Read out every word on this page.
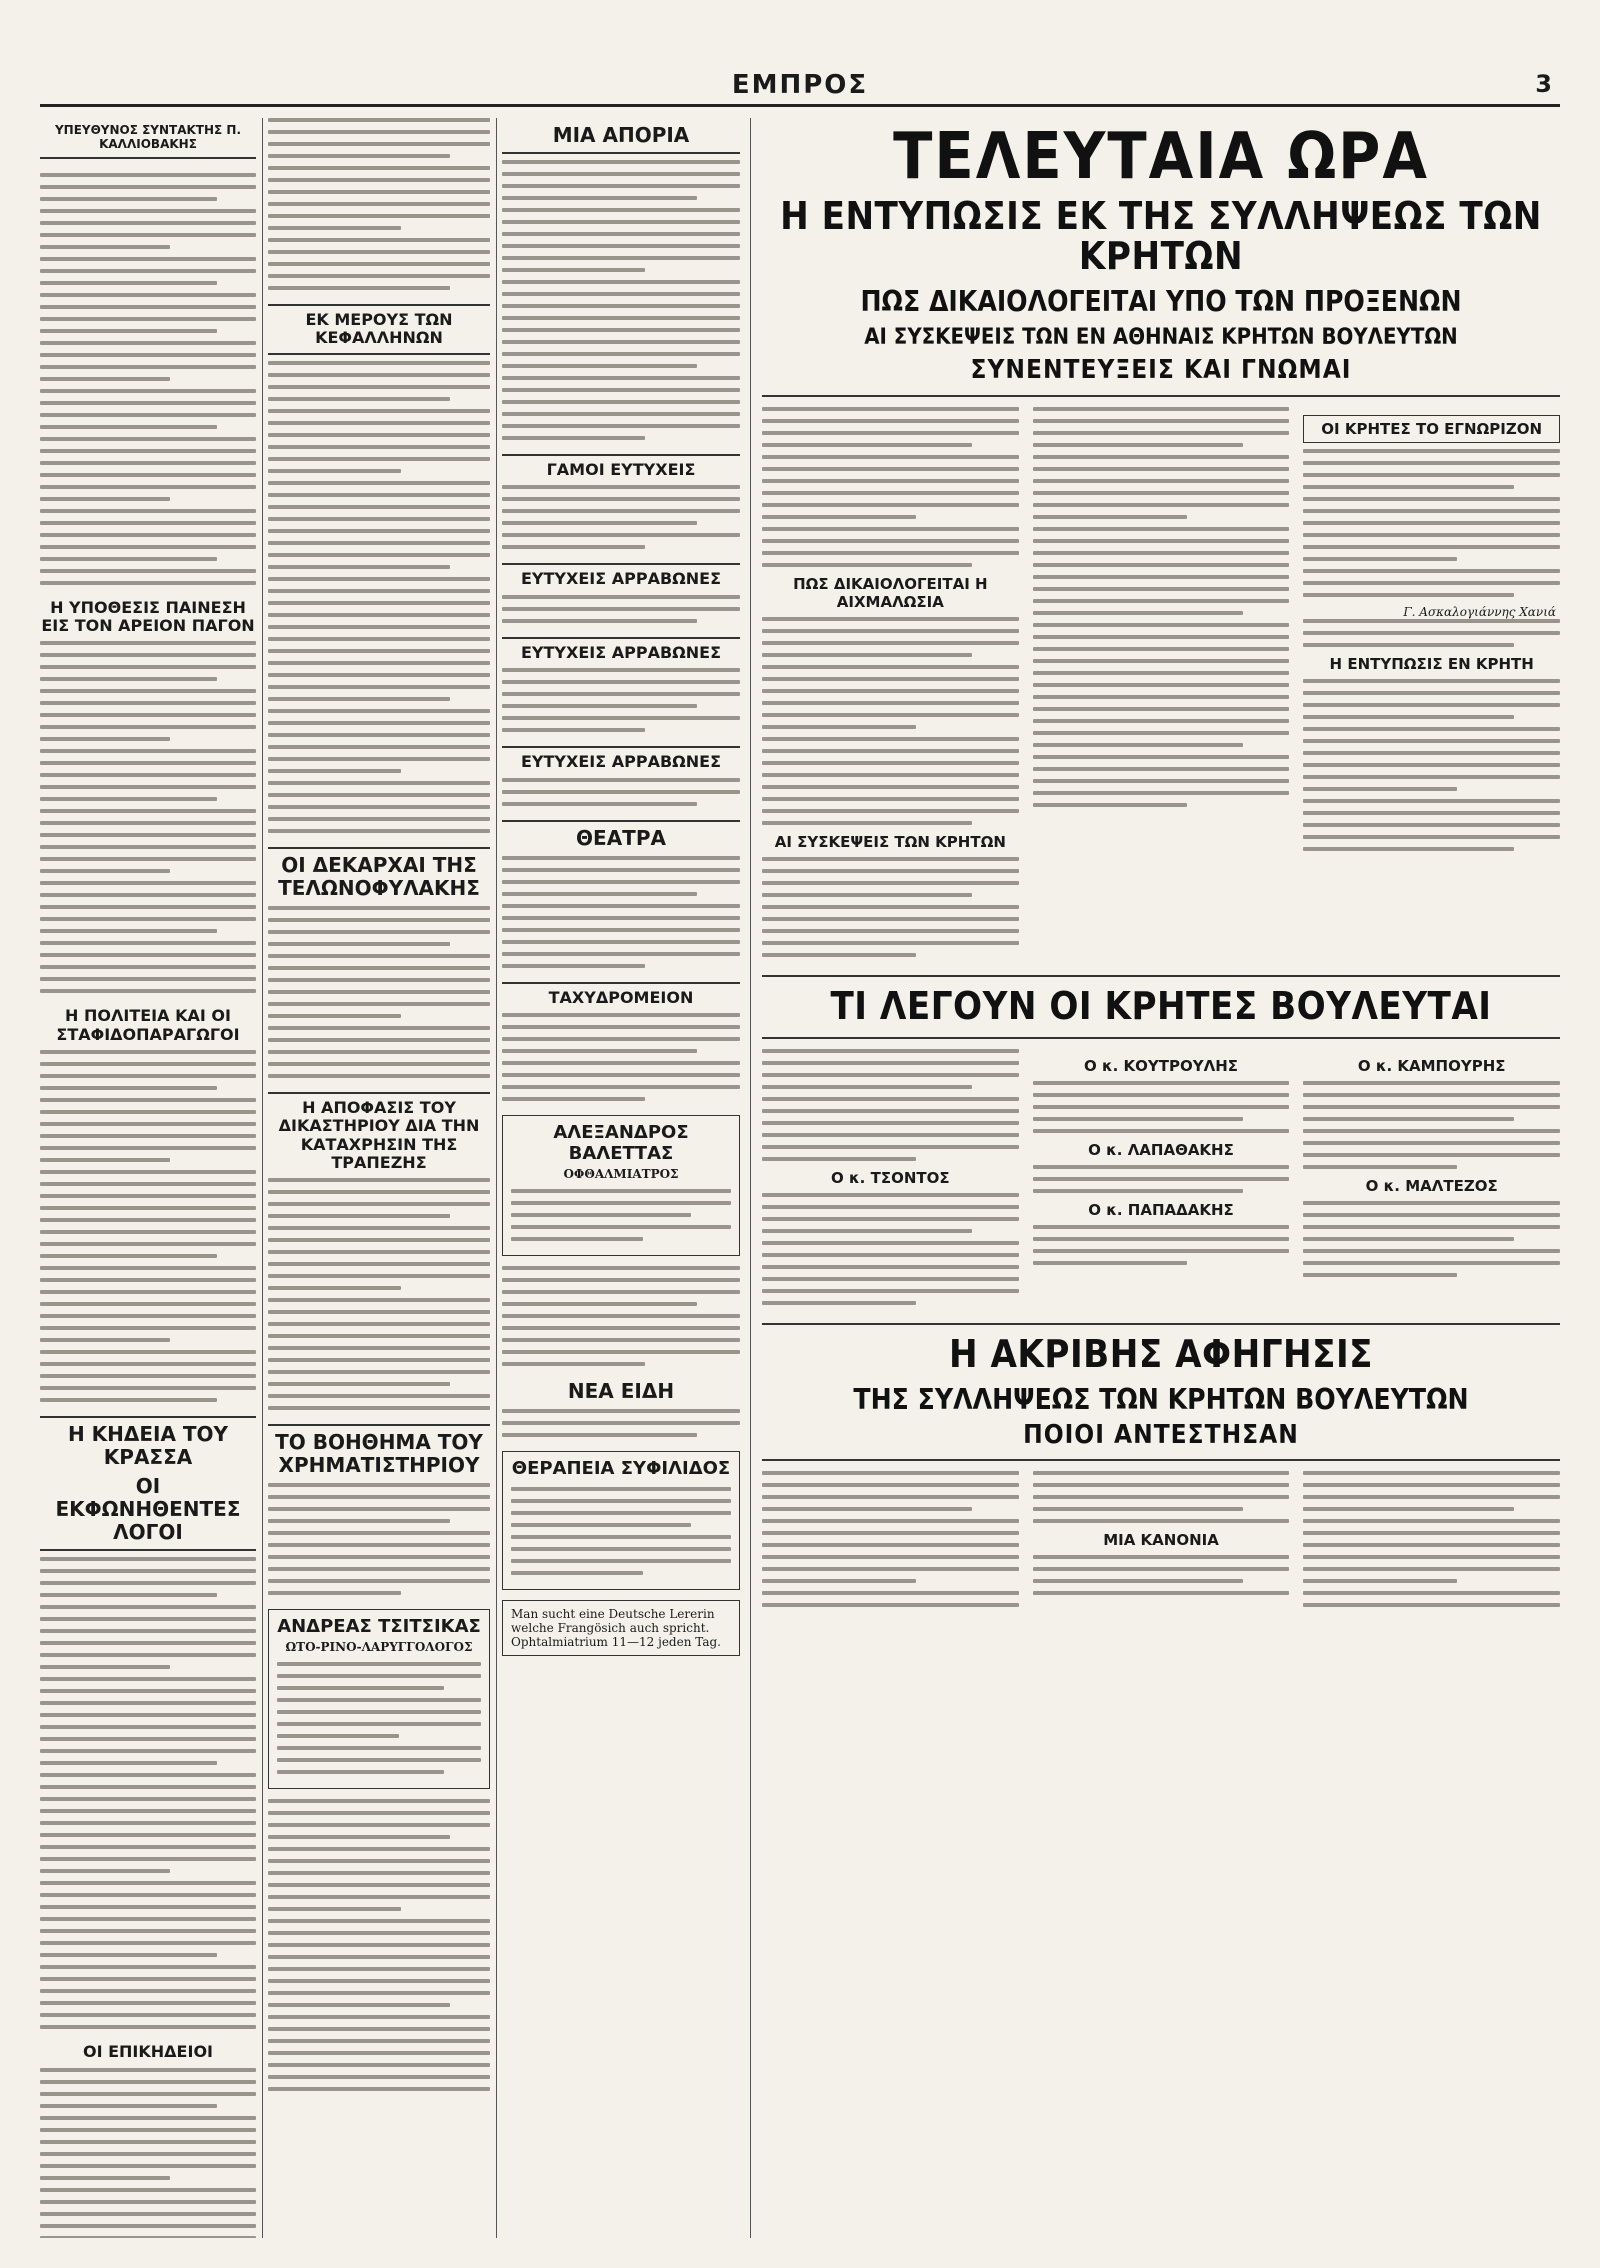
ΕΜΠΡΟΣ	3
ΥΠΕΥΘΥΝΟΣ ΣΥΝΤΑΚΤΗΣ Π. ΚΑΛΛΙΟΒΑΚΗΣ
Η ΥΠΟΘΕΣΙΣ ΠΑΙΝΕΣΗ ΕΙΣ ΤΟΝ ΑΡΕΙΟΝ ΠΑΓΟΝ
Η ΠΟΛΙΤΕΙΑ ΚΑΙ ΟΙ ΣΤΑΦΙΔΟΠΑΡΑΓΩΓΟΙ
Η ΚΗΔΕΙΑ ΤΟΥ ΚΡΑΣΣΑ
ΟΙ ΕΚΦΩΝΗΘΕΝΤΕΣ ΛΟΓΟΙ
ΟΙ ΕΠΙΚΗΔΕΙΟΙ
ΕΚ ΜΕΡΟΥΣ ΤΩΝ ΚΕΦΑΛΛΗΝΩΝ
ΟΙ ΔΕΚΑΡΧΑΙ ΤΗΣ ΤΕΛΩΝΟΦΥΛΑΚΗΣ
Η ΑΠΟΦΑΣΙΣ ΤΟΥ ΔΙΚΑΣΤΗΡΙΟΥ ΔΙΑ ΤΗΝ ΚΑΤΑΧΡΗΣΙΝ ΤΗΣ ΤΡΑΠΕΖΗΣ
ΤΟ ΒΟΗΘΗΜΑ ΤΟΥ ΧΡΗΜΑΤΙΣΤΗΡΙΟΥ
ΑΝΔΡΕΑΣ ΤΣΙΤΣΙΚΑΣ
ΩΤΟ-ΡΙΝΟ-ΛΑΡΥΓΓΟΛΟΓΟΣ
ΜΙΑ ΑΠΟΡΙΑ
ΓΑΜΟΙ ΕΥΤΥΧΕΙΣ
ΕΥΤΥΧΕΙΣ ΑΡΡΑΒΩΝΕΣ
ΕΥΤΥΧΕΙΣ ΑΡΡΑΒΩΝΕΣ
ΕΥΤΥΧΕΙΣ ΑΡΡΑΒΩΝΕΣ
ΘΕΑΤΡΑ
ΤΑΧΥΔΡΟΜΕΙΟΝ
ΑΛΕΞΑΝΔΡΟΣ ΒΑΛΕΤΤΑΣ
ΟΦΘΑΛΜΙΑΤΡΟΣ
ΝΕΑ ΕΙΔΗ
ΘΕΡΑΠΕΙΑ ΣΥΦΙΛΙΔΟΣ
Man sucht eine Deutsche Lererin welche Frangösich auch spricht. Ophtalmiatrium 11—12 jeden Tag.
ΤΕΛΕΥΤΑΙΑ ΩΡΑ
Η ΕΝΤΥΠΩΣΙΣ ΕΚ ΤΗΣ ΣΥΛΛΗΨΕΩΣ ΤΩΝ ΚΡΗΤΩΝ
ΠΩΣ ΔΙΚΑΙΟΛΟΓΕΙΤΑΙ ΥΠΟ ΤΩΝ ΠΡΟΞΕΝΩΝ
ΑΙ ΣΥΣΚΕΨΕΙΣ ΤΩΝ ΕΝ ΑΘΗΝΑΙΣ ΚΡΗΤΩΝ ΒΟΥΛΕΥΤΩΝ
ΣΥΝΕΝΤΕΥΞΕΙΣ ΚΑΙ ΓΝΩΜΑΙ
ΠΩΣ ΔΙΚΑΙΟΛΟΓΕΙΤΑΙ Η ΑΙΧΜΑΛΩΣΙΑ
ΑΙ ΣΥΣΚΕΨΕΙΣ ΤΩΝ ΚΡΗΤΩΝ
ΟΙ ΚΡΗΤΕΣ ΤΟ ΕΓΝΩΡΙΖΟΝ
Γ. Ασκαλογιάννης Χανιά
Η ΕΝΤΥΠΩΣΙΣ ΕΝ ΚΡΗΤΗ
ΤΙ ΛΕΓΟΥΝ ΟΙ ΚΡΗΤΕΣ ΒΟΥΛΕΥΤΑΙ
Ο κ. ΤΣΟΝΤΟΣ
Ο κ. ΚΟΥΤΡΟΥΛΗΣ
Ο κ. ΛΑΠΑΘΑΚΗΣ
Ο κ. ΠΑΠΑΔΑΚΗΣ
Ο κ. ΚΑΜΠΟΥΡΗΣ
Ο κ. ΜΑΛΤΕΖΟΣ
Η ΑΚΡΙΒΗΣ ΑΦΗΓΗΣΙΣ
ΤΗΣ ΣΥΛΛΗΨΕΩΣ ΤΩΝ ΚΡΗΤΩΝ ΒΟΥΛΕΥΤΩΝ
ΠΟΙΟΙ ΑΝΤΕΣΤΗΣΑΝ
ΜΙΑ ΚΑΝΟΝΙΑ
